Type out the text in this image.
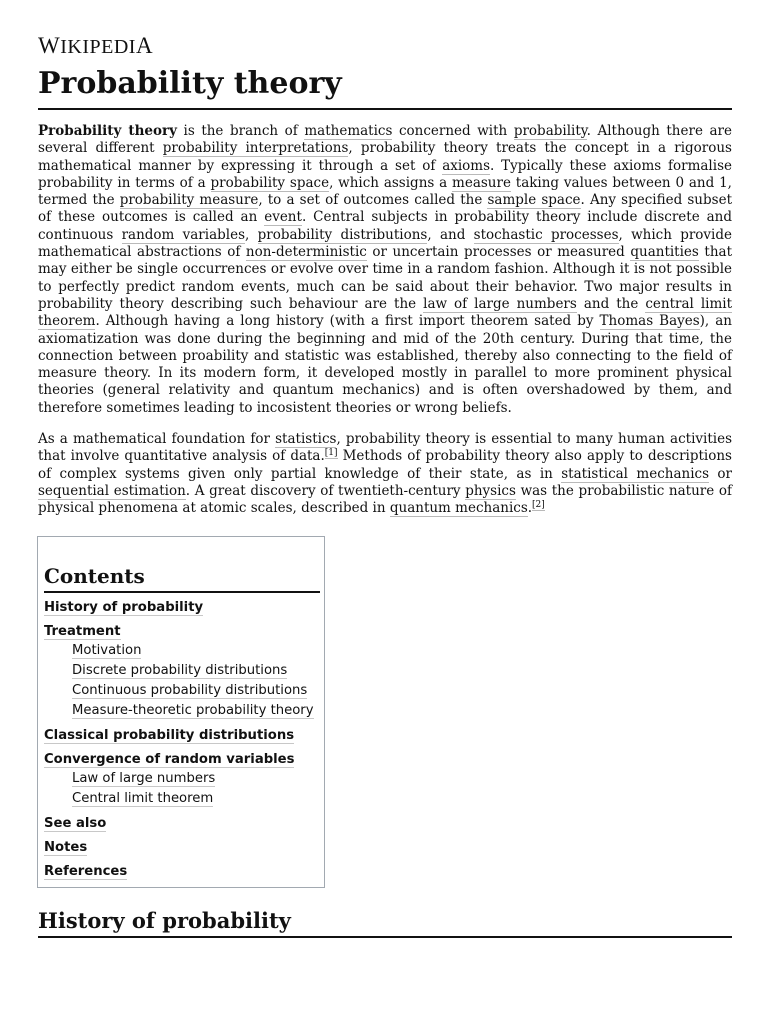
WIKIPEDIA
Probability theory

Probability theory is the branch of mathematics concerned with probability. Although there are several different probability interpretations, probability theory treats the concept in a rigorous mathematical manner by expressing it through a set of axioms. Typically these axioms formalise probability in terms of a probability space, which assigns a measure taking values between 0 and 1, termed the probability measure, to a set of outcomes called the sample space. Any specified subset of these outcomes is called an event. Central subjects in probability theory include discrete and continuous random variables, probability distributions, and stochastic processes, which provide mathematical abstractions of non-deterministic or uncertain processes or measured quantities that may either be single occurrences or evolve over time in a random fashion. Although it is not possible to perfectly predict random events, much can be said about their behavior. Two major results in probability theory describing such behaviour are the law of large numbers and the central limit theorem. Although having a long history (with a first import theorem sated by Thomas Bayes), an axiomatization was done during the beginning and mid of the 20th century. During that time, the connection between proability and statistic was established, thereby also connecting to the field of measure theory. In its modern form, it developed mostly in parallel to more prominent physical theories (general relativity and quantum mechanics) and is often overshadowed by them, and therefore sometimes leading to incosistent theories or wrong beliefs.

As a mathematical foundation for statistics, probability theory is essential to many human activities that involve quantitative analysis of data.[1] Methods of probability theory also apply to descriptions of complex systems given only partial knowledge of their state, as in statistical mechanics or sequential estimation. A great discovery of twentieth-century physics was the probabilistic nature of physical phenomena at atomic scales, described in quantum mechanics.[2]

Contents
History of probability
Treatment
Motivation
Discrete probability distributions
Continuous probability distributions
Measure-theoretic probability theory
Classical probability distributions
Convergence of random variables
Law of large numbers
Central limit theorem
See also
Notes
References
History of probability
